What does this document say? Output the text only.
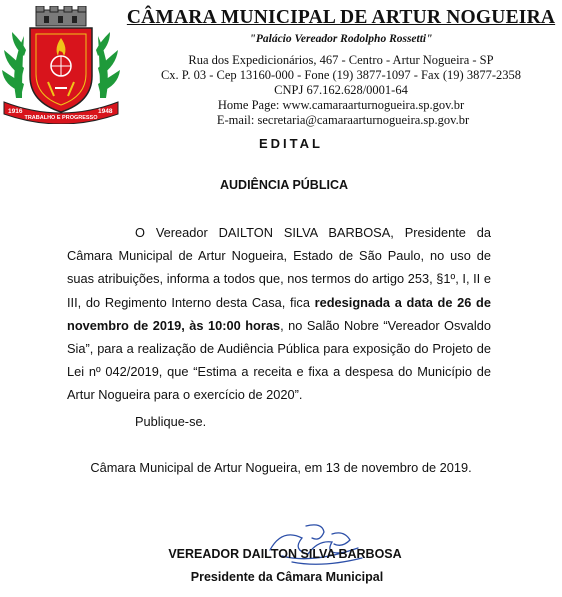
1916
TRABALHO E PROGRESSO
1948
CÂMARA MUNICIPAL DE ARTUR NOGUEIRA
"Palácio Vereador Rodolpho Rossetti"
Rua dos Expedicionários, 467 - Centro - Artur Nogueira - SP
Cx. P. 03 - Cep 13160-000 - Fone (19) 3877-1097 - Fax (19) 3877-2358
CNPJ 67.162.628/0001-64
Home Page: www.camaraarturnogueira.sp.gov.br
E-mail: secretaria@camaraarturnogueira.sp.gov.br
EDITAL
AUDIÊNCIA PÚBLICA

O Vereador DAILTON SILVA BARBOSA, Presidente da Câmara Municipal de Artur Nogueira, Estado de São Paulo, no uso de suas atribuições, informa a todos que, nos termos do artigo 253, §1º, I, II e III, do Regimento Interno desta Casa, fica redesignada a data de 26 de novembro de 2019, às 10:00 horas, no Salão Nobre “Vereador Osvaldo Sia”, para a realização de Audiência Pública para exposição do Projeto de Lei nº 042/2019, que “Estima a receita e fixa a despesa do Município de Artur Nogueira para o exercício de 2020”.

Publique-se.
Câmara Municipal de Artur Nogueira, em 13 de novembro de 2019.
VEREADOR DAILTON SILVA BARBOSA
Presidente da Câmara Municipal
